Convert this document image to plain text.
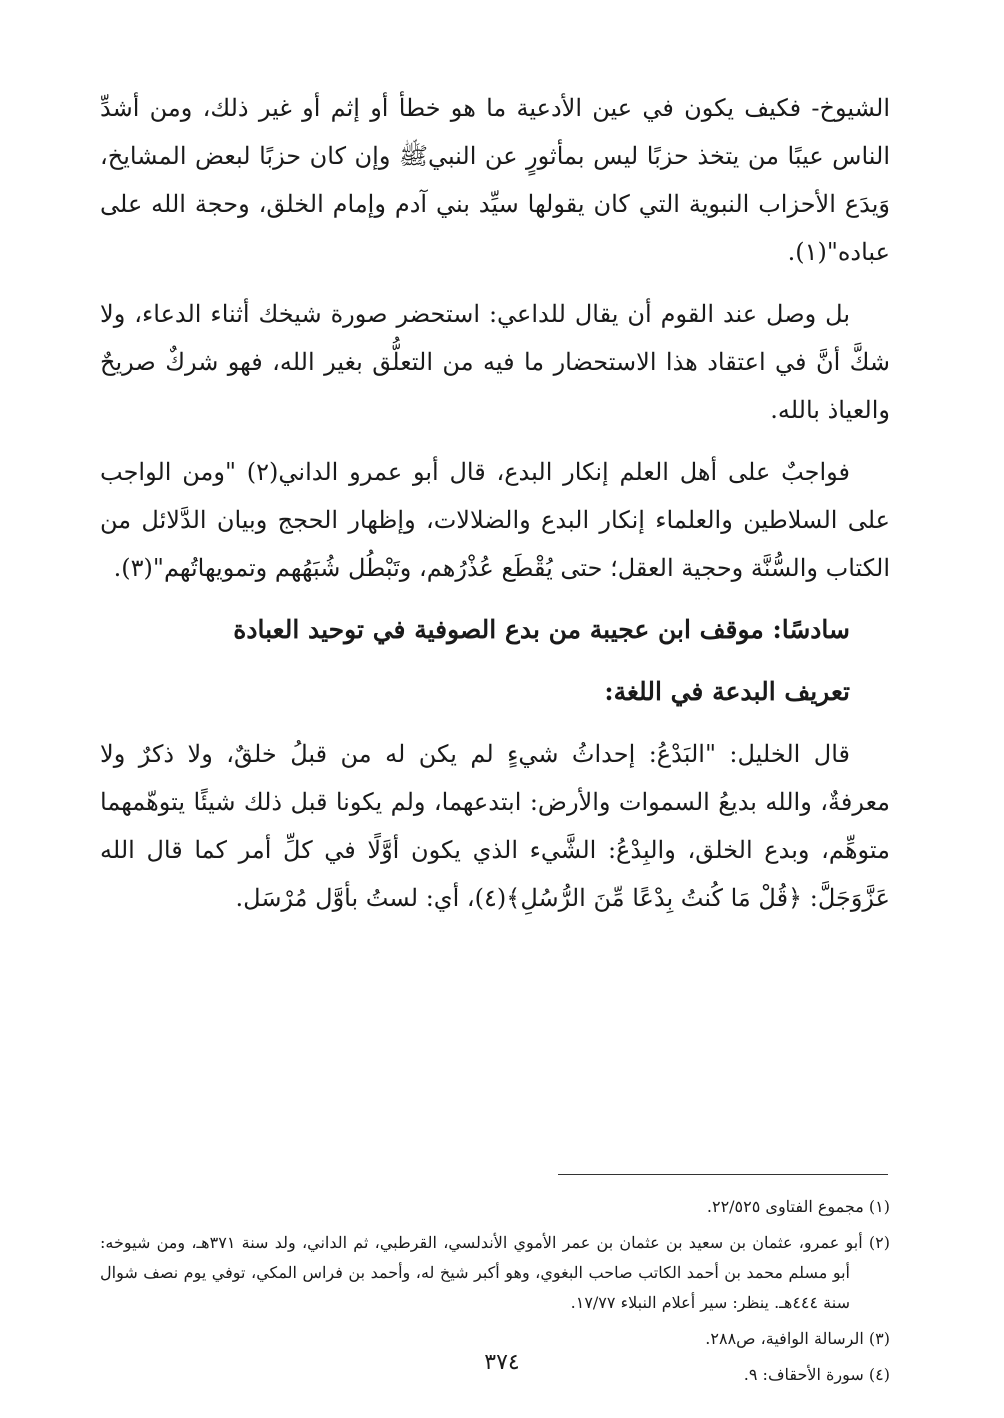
الشيوخ- فكيف يكون في عين الأدعية ما هو خطأ أو إثم أو غير ذلك، ومن أشدِّ الناس عيبًا من يتخذ حزبًا ليس بمأثورٍ عن النبيﷺ وإن كان حزبًا لبعض المشايخ، وَيدَع الأحزاب النبوية التي كان يقولها سيِّد بني آدم وإمام الخلق، وحجة الله على عباده"(١).

بل وصل عند القوم أن يقال للداعي: استحضر صورة شيخك أثناء الدعاء، ولا شكَّ أنَّ في اعتقاد هذا الاستحضار ما فيه من التعلُّق بغير الله، فهو شركٌ صريحٌ والعياذ بالله.

فواجبٌ على أهل العلم إنكار البدع، قال أبو عمرو الداني(٢) "ومن الواجب على السلاطين والعلماء إنكار البدع والضلالات، وإظهار الحجج وبيان الدَّلائل من الكتاب والسُّنَّة وحجية العقل؛ حتى يُقْطَع عُذْرُهم، وتَبْطُل شُبَهُهم وتمويهاتُهم"(٣).

سادسًا: موقف ابن عجيبة من بدع الصوفية في توحيد العبادة
تعريف البدعة في اللغة:

قال الخليل: "البَدْعُ: إحداثُ شيءٍ لم يكن له من قبلُ خلقٌ، ولا ذكرٌ ولا معرفةٌ، والله بديعُ السموات والأرض: ابتدعهما، ولم يكونا قبل ذلك شيئًا يتوهّمهما متوهِّم، وبدع الخلق، والبِدْعُ: الشَّيء الذي يكون أوَّلًا في كلِّ أمر كما قال الله عَزَّوَجَلَّ: ﴿قُلْ مَا كُنتُ بِدْعًا مِّنَ الرُّسُلِ﴾(٤)، أي: لستُ بأوَّل مُرْسَل.

(١) مجموع الفتاوى ٢٢/٥٢٥.

(٢) أبو عمرو، عثمان بن سعيد بن عثمان بن عمر الأموي الأندلسي، القرطبي، ثم الداني، ولد سنة ٣٧١هـ، ومن شيوخه: أبو مسلم محمد بن أحمد الكاتب صاحب البغوي، وهو أكبر شيخ له، وأحمد بن فراس المكي، توفي يوم نصف شوال سنة ٤٤٤هـ. ينظر: سير أعلام النبلاء ١٧/٧٧.

(٣) الرسالة الوافية، ص٢٨٨.

(٤) سورة الأحقاف: ٩.

٣٧٤
